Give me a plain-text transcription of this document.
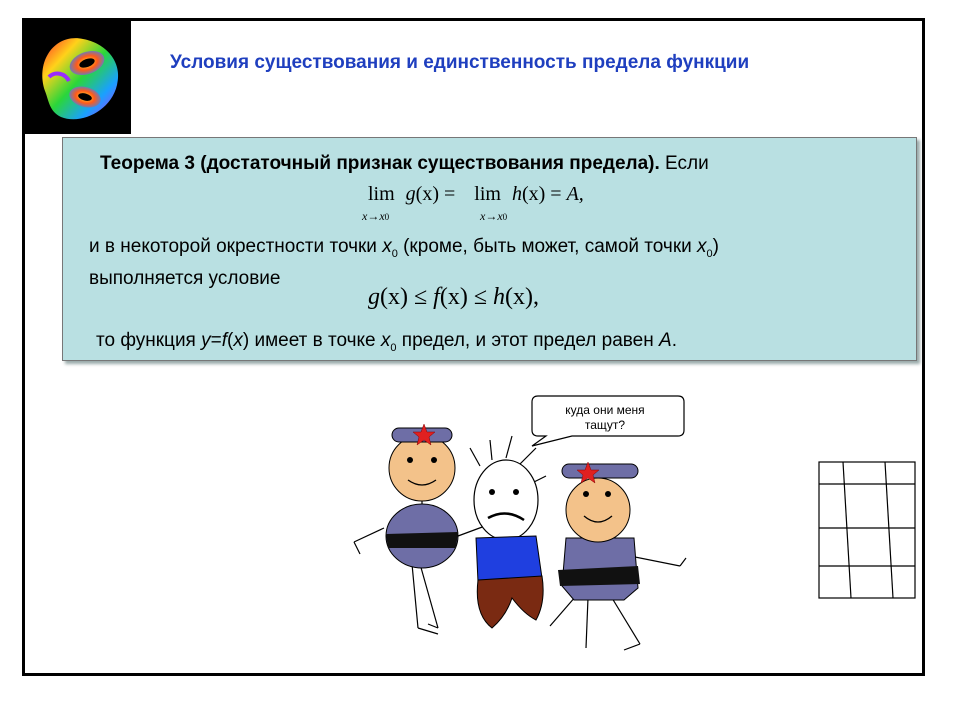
Условия существования и единственность предела функции
Теорема 3 (достаточный признак существования предела). Если
lim g(x) = lim h(x) = A,
x→x0	x→x0
и в некоторой окрестности точки $x_0$ (кроме, быть может, самой точки $x_0$)
выполняется условие
g(x) ≤ f(x) ≤ h(x),
то функция y=f(x) имеет в точке $x_0$ предел, и этот предел равен A.
куда они меня
тащут?
